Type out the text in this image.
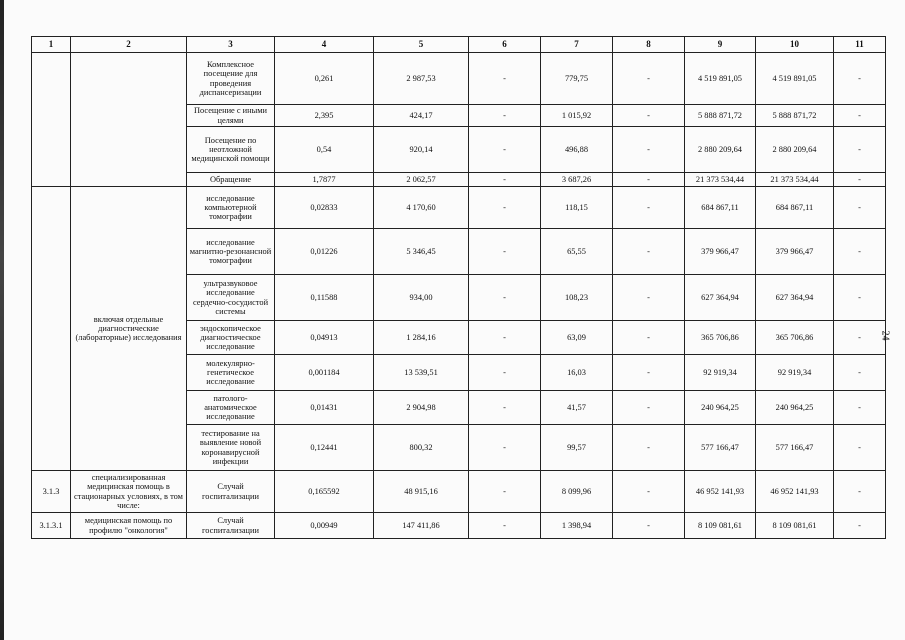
1	2	3	4	5	6	7	8	9	10	11
		Комплексное посещение для проведения диспансеризации	0,261	2 987,53	-	779,75	-	4 519 891,05	4 519 891,05	-
		Посещение с иными целями	2,395	424,17	-	1 015,92	-	5 888 871,72	5 888 871,72	-
		Посещение по неотложной медицинской помощи	0,54	920,14	-	496,88	-	2 880 209,64	2 880 209,64	-
		Обращение	1,7877	2 062,57	-	3 687,26	-	21 373 534,44	21 373 534,44	-
	включая отдельные диагностические (лабораторные) исследования	исследование компьютерной томографии	0,02833	4 170,60	-	118,15	-	684 867,11	684 867,11	-
		исследование магнитно-резонансной томографии	0,01226	5 346,45	-	65,55	-	379 966,47	379 966,47	-
		ультразвуковое исследование сердечно-сосудистой системы	0,11588	934,00	-	108,23	-	627 364,94	627 364,94	-
		эндоскопическое диагностическое исследование	0,04913	1 284,16	-	63,09	-	365 706,86	365 706,86	-
		молекулярно-генетическое исследование	0,001184	13 539,51	-	16,03	-	92 919,34	92 919,34	-
		патолого-анатомическое исследование	0,01431	2 904,98	-	41,57	-	240 964,25	240 964,25	-
		тестирование на выявление новой коронавирусной инфекции	0,12441	800,32	-	99,57	-	577 166,47	577 166,47	-
3.1.3	специализированная медицинская помощь в стационарных условиях, в том числе:	Случай госпитализации	0,165592	48 915,16	-	8 099,96	-	46 952 141,93	46 952 141,93	-
3.1.3.1	медицинская помощь по профилю "онкология"	Случай госпитализации	0,00949	147 411,86	-	1 398,94	-	8 109 081,61	8 109 081,61	-
24
